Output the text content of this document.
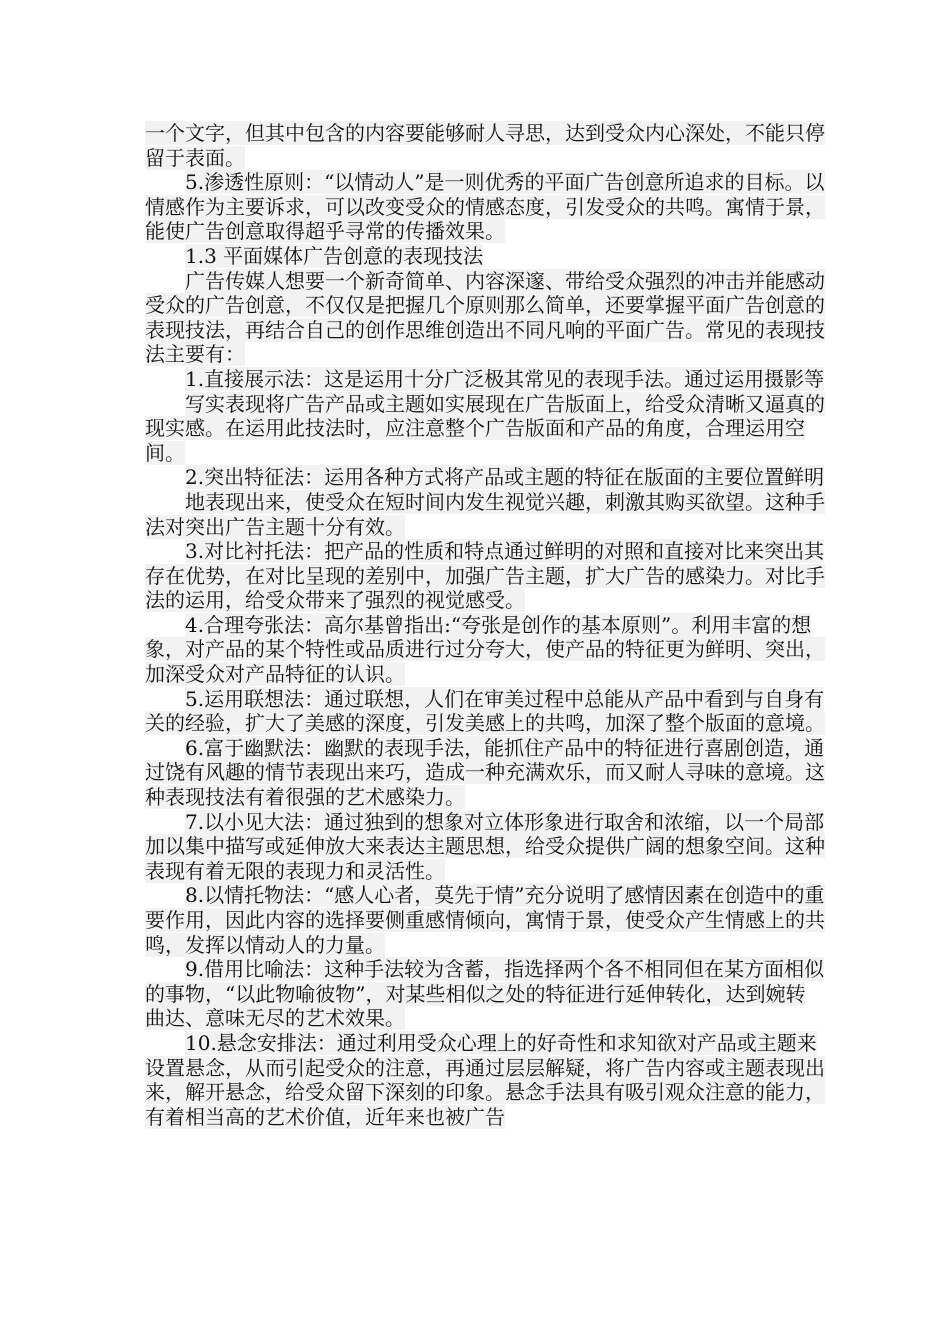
一个文字，但其中包含的内容要能够耐人寻思，达到受众内心深处，不能只停留于表面。

5.渗透性原则：“以情动人”是一则优秀的平面广告创意所追求的目标。以情感作为主要诉求，可以改变受众的情感态度，引发受众的共鸣。寓情于景，能使广告创意取得超乎寻常的传播效果。

1.3 平面媒体广告创意的表现技法

广告传媒人想要一个新奇简单、内容深邃、带给受众强烈的冲击并能感动受众的广告创意，不仅仅是把握几个原则那么简单，还要掌握平面广告创意的表现技法，再结合自己的创作思维创造出不同凡响的平面广告。常见的表现技法主要有：

1.直接展示法：这是运用十分广泛极其常见的表现手法。通过运用摄影等

写实表现将广告产品或主题如实展现在广告版面上，给受众清晰又逼真的现实感。在运用此技法时，应注意整个广告版面和产品的角度，合理运用空间。

2.突出特征法：运用各种方式将产品或主题的特征在版面的主要位置鲜明

地表现出来，使受众在短时间内发生视觉兴趣，刺激其购买欲望。这种手法对突出广告主题十分有效。

3.对比衬托法：把产品的性质和特点通过鲜明的对照和直接对比来突出其存在优势，在对比呈现的差别中，加强广告主题，扩大广告的感染力。对比手法的运用，给受众带来了强烈的视觉感受。

4.合理夸张法：高尔基曾指出:“夸张是创作的基本原则”。利用丰富的想象，对产品的某个特性或品质进行过分夸大，使产品的特征更为鲜明、突出，加深受众对产品特征的认识。

5.运用联想法：通过联想，人们在审美过程中总能从产品中看到与自身有关的经验，扩大了美感的深度，引发美感上的共鸣，加深了整个版面的意境。

6.富于幽默法：幽默的表现手法，能抓住产品中的特征进行喜剧创造，通过饶有风趣的情节表现出来巧，造成一种充满欢乐，而又耐人寻味的意境。这种表现技法有着很强的艺术感染力。

7.以小见大法：通过独到的想象对立体形象进行取舍和浓缩，以一个局部加以集中描写或延伸放大来表达主题思想，给受众提供广阔的想象空间。这种表现有着无限的表现力和灵活性。

8.以情托物法：“感人心者，莫先于情”充分说明了感情因素在创造中的重要作用，因此内容的选择要侧重感情倾向，寓情于景，使受众产生情感上的共鸣，发挥以情动人的力量。

9.借用比喻法：这种手法较为含蓄，指选择两个各不相同但在某方面相似的事物，“以此物喻彼物”，对某些相似之处的特征进行延伸转化，达到婉转曲达、意味无尽的艺术效果。

10.悬念安排法：通过利用受众心理上的好奇性和求知欲对产品或主题来设置悬念，从而引起受众的注意，再通过层层解疑，将广告内容或主题表现出来，解开悬念，给受众留下深刻的印象。悬念手法具有吸引观众注意的能力，有着相当高的艺术价值，近年来也被广告
